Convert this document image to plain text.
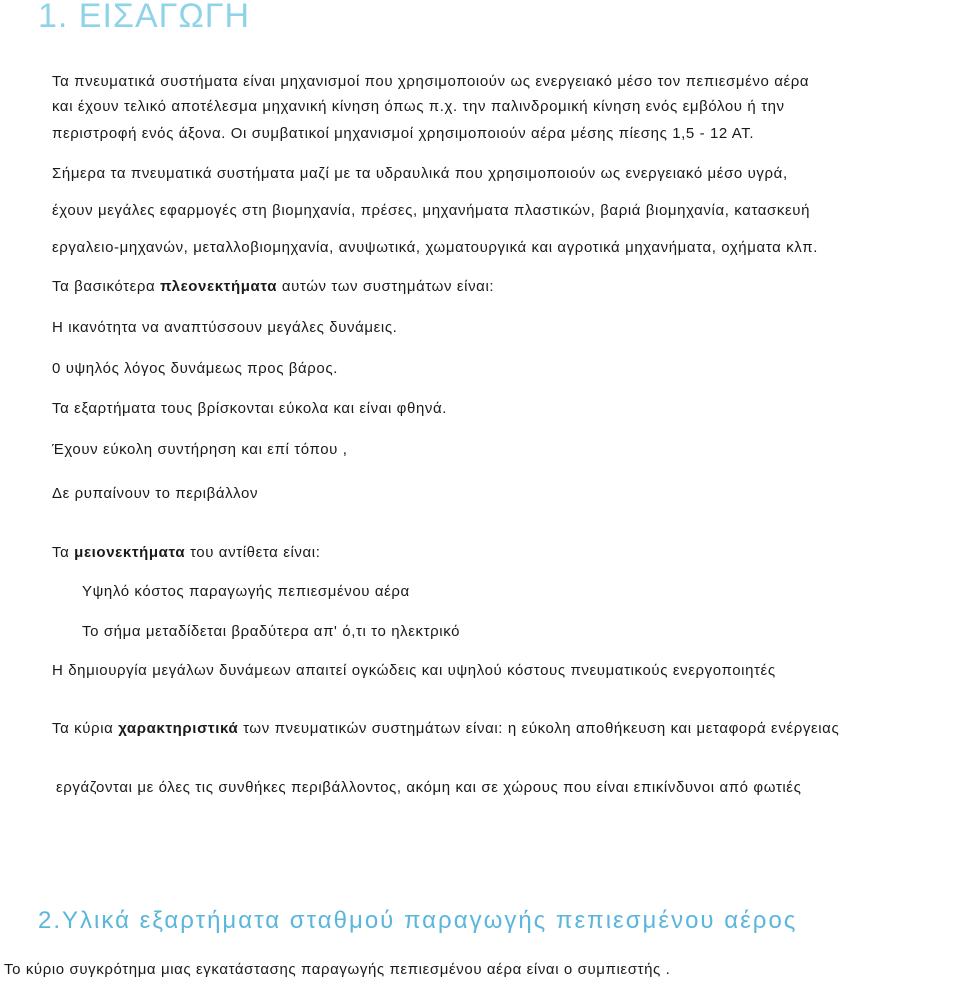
1. ΕΙΣΑΓΩΓΗ
Τα πνευματικά συστήματα είναι μηχανισμοί που χρησιμοποιούν ως ενεργειακό μέσο τον πεπιεσμένο αέρα
και έχουν τελικό αποτέλεσμα μηχανική κίνηση όπως π.χ. την παλινδρομική κίνηση ενός εμβόλου ή την
περιστροφή ενός άξονα. Οι συμβατικοί μηχανισμοί χρησιμοποιούν αέρα μέσης πίεσης 1,5 - 12 ΑΤ.
Σήμερα τα πνευματικά συστήματα μαζί με τα υδραυλικά που χρησιμοποιούν ως ενεργειακό μέσο υγρά,
έχουν μεγάλες εφαρμογές στη βιομηχανία, πρέσες, μηχανήματα πλαστικών, βαριά βιομηχανία, κατασκευή
εργαλειο-μηχανών, μεταλλοβιομηχανία, ανυψωτικά, χωματουργικά και αγροτικά μηχανήματα, οχήματα κλπ.
Τα βασικότερα πλεονεκτήματα αυτών των συστημάτων είναι:
Η ικανότητα να αναπτύσσουν μεγάλες δυνάμεις.
0 υψηλός λόγος δυνάμεως προς βάρος.
Τα εξαρτήματα τους βρίσκονται εύκολα και είναι φθηνά.
Έχουν εύκολη συντήρηση και επί τόπου ,
Δε ρυπαίνουν το περιβάλλον
Τα μειονεκτήματα του αντίθετα είναι:
Υψηλό κόστος παραγωγής πεπιεσμένου αέρα
Το σήμα μεταδίδεται βραδύτερα απ' ό,τι το ηλεκτρικό
Η δημιουργία μεγάλων δυνάμεων απαιτεί ογκώδεις και υψηλού κόστους πνευματικούς ενεργοποιητές
Τα κύρια χαρακτηριστικά των πνευματικών συστημάτων είναι: η εύκολη αποθήκευση και μεταφορά ενέργειας
εργάζονται με όλες τις συνθήκες περιβάλλοντος, ακόμη και σε χώρους που είναι επικίνδυνοι από φωτιές
2.Υλικά εξαρτήματα σταθμού παραγωγής πεπιεσμένου αέρος
Το κύριο συγκρότημα μιας εγκατάστασης παραγωγής πεπιεσμένου αέρα είναι ο συμπιεστής .
